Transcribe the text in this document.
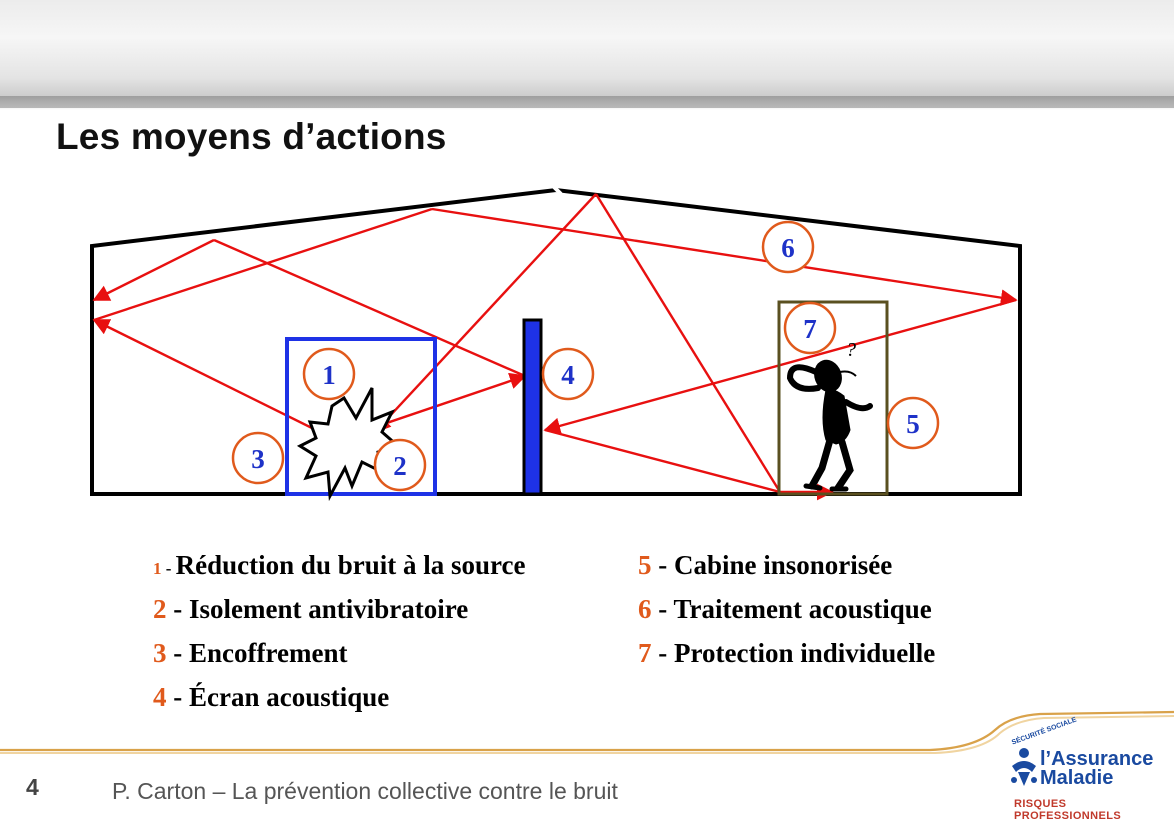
Les moyens d’actions
?
1
2
3
4
5
6
7
1 - Réduction du bruit à la source
2 - Isolement antivibratoire
3 - Encoffrement
4 - Écran acoustique
5 - Cabine insonorisée
6 - Traitement acoustique
7 - Protection individuelle
4	P. Carton – La prévention collective contre le bruit
SÉCURITÉ SOCIALE
l’Assurance
Maladie
RISQUES PROFESSIONNELS
